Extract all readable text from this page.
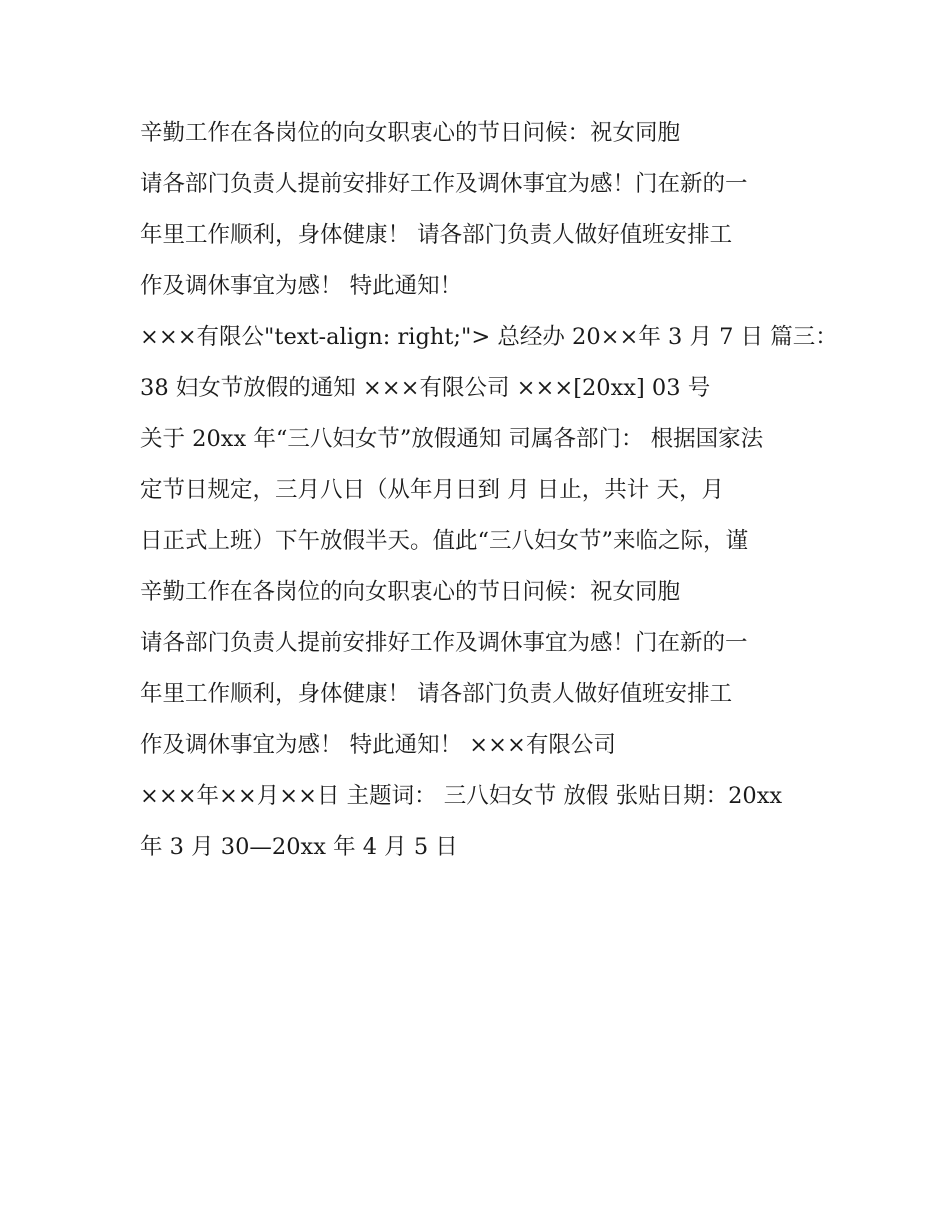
辛勤工作在各岗位的向女职衷心的节日问候：祝女同胞
请各部门负责人提前安排好工作及调休事宜为感！门在新的一
年里工作顺利，身体健康！ 请各部门负责人做好值班安排工
作及调休事宜为感！ 特此通知！
×××有限公"text-align: right;"> 总经办 20××年 3 月 7 日 篇三：
38 妇女节放假的通知 ×××有限公司 ×××[20xx] 03 号
关于 20xx 年“三八妇女节”放假通知 司属各部门： 根据国家法
定节日规定，三月八日（从年月日到 月 日止，共计 天，月
日正式上班）下午放假半天。值此“三八妇女节”来临之际，谨
辛勤工作在各岗位的向女职衷心的节日问候：祝女同胞
请各部门负责人提前安排好工作及调休事宜为感！门在新的一
年里工作顺利，身体健康！ 请各部门负责人做好值班安排工
作及调休事宜为感！ 特此通知！ ×××有限公司
×××年××月××日 主题词： 三八妇女节 放假 张贴日期：20xx
年 3 月 30—20xx 年 4 月 5 日
